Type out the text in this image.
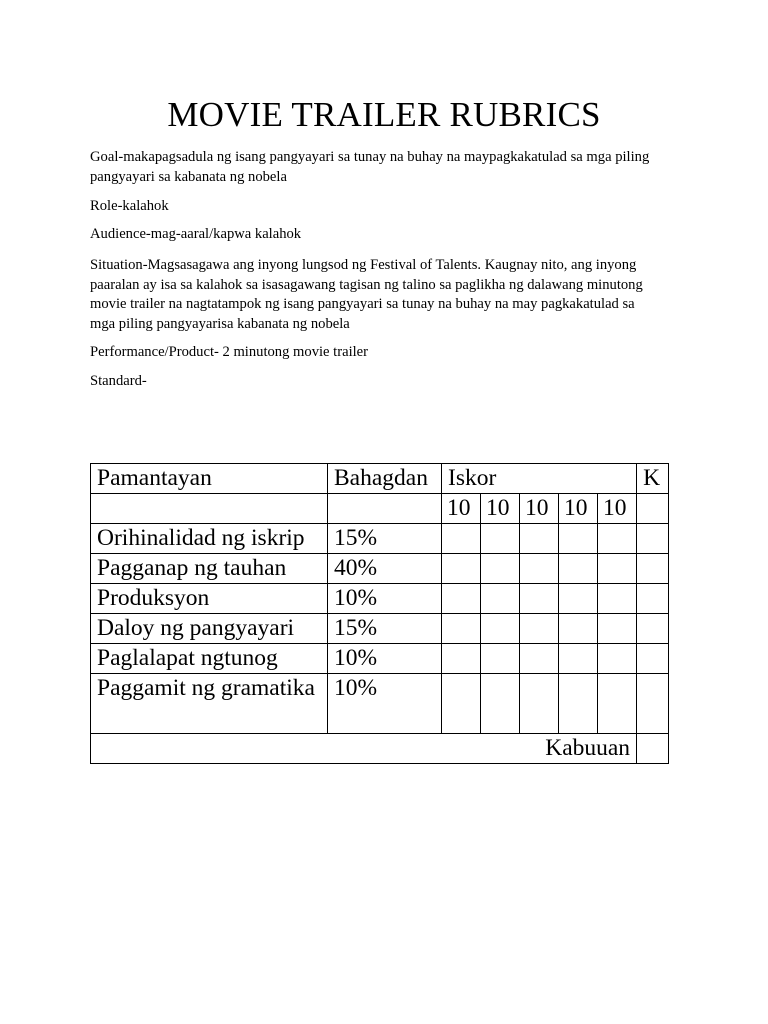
MOVIE TRAILER RUBRICS

Goal-makapagsadula ng isang pangyayari sa tunay na buhay na maypagkakatulad sa mga piling
pangyayari sa kabanata ng nobela

Role-kalahok

Audience-mag-aaral/kapwa kalahok

Situation-Magsasagawa ang inyong lungsod ng Festival of Talents. Kaugnay nito, ang inyong
paaralan ay isa sa kalahok sa isasagawang tagisan ng talino sa paglikha ng dalawang minutong
movie trailer na nagtatampok ng isang pangyayari sa tunay na buhay na may pagkakatulad sa
mga piling pangyayarisa kabanata ng nobela

Performance/Product- 2 minutong movie trailer

Standard-

Pamantayan	Bahagdan	Iskor					K
		10	10	10	10	10	
Orihinalidad ng iskrip	15%						
Pagganap ng tauhan	40%						
Produksyon	10%						
Daloy ng pangyayari	15%						
Paglalapat ngtunog	10%						
Paggamit ng gramatika	10%						
Kabuuan							
